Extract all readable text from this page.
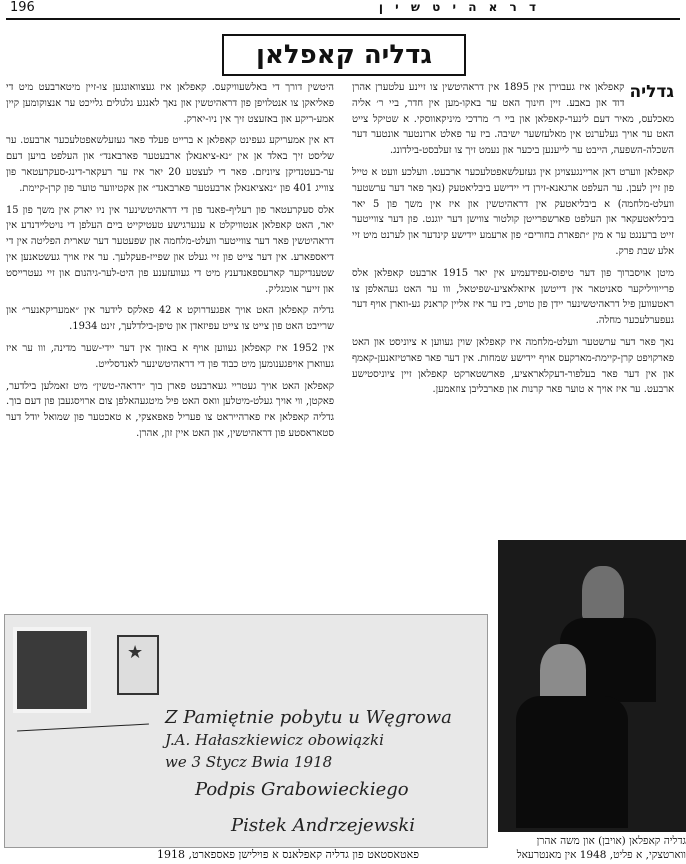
196	ד ר א ה י ט ש י ן
גדליה קאפלאן

גדליה
קאפלאן איז געבוירן אין 1895 אין דראהיטשין צו זיינע עלטערן אהרן דוד און באבע. זיין חינוך האט ער באקו-מען אין חדר, ביי ר׳ אליה מאכלעס, מאיר דעם לינער-קאפלאן און ביי ר׳ מרדכי מיניקאווסקי. א שטיקל צייט האט ער אויך געלערנט אין מאלעזשער ישיבה. ביז ער פאלט ארונטער אונטער דער השכלה-השפעה, הייבט ער לייענען ביכער און נעמט זיך צו זעלבסט-בילדונג.

קאפלאן ווערט דאן אריינגעצויגן אין געזעלשאפטלעכער ארבעט. וועלכע וועט א טייל פון זיין לעבן. ער העלפט ארגאנא-זירן די יידישע ביבליאטעק (נאך פאר דער ערשטער וועלט-מלחמה) א ביבליאטעק אין דראהיטשין און איז אין משך פון 5 יאר ביבליאטעקאר און העלפט פארשפרייטן קולטור צווישן דער יוגנט. פון דער צווייטער זייט ברענגט ער א מין ״תפארת בחורים״ פון ארעמע יידישע קינדער און לערנט מיט זיי אלע שבת פרק.

מיטן אויסברוך פון דער טיפוס-עפידעמיע אין יאר 1915 ארבעט קאפלאן אלס פרייוויליקער סאניטאר אין דייטשן איזאלאציע-שפיטאל, ווו ער האט געהאלפן צו ראטעווען פיל דראהיטשינער יידן פון טויט, ביז ער איז אליין קראנק גע-ווארן אויף דער געפערלעכער מחלה.

נאך פאר דער ערשטער וועלט-מלחמה איז קאפלאן שוין געווען א ציוניסט און האט פארקויפט קרן-קיימת-מארקעס אויף יידישע שמחות. אין דער פאר פארטיזאנען-קאמף און אין דער פאר בעלפור-דעקלאראציע, פארשטארקט קאפלאן זיין ציוניסטישע ארבעט. ער איז אויך א טוער פאר קרנות און פארבליבן צוזאמען.

היטשין דורך די באלשעוויקעס. קאפלאן איז געצוואונגען צו-זיין מיטארבעט מיט די פאליאקן צו אנטלויפן פון דראהיטשין און נאך לאנגע גלגולים גלייכט ער אנצוקומען קיין אמע-ריקע און באזעצט זיך אין ניו-יארק.

דא אין אמעריקע געפינט קאפלאן א ברייט פעלד פאר געזעלשאפטלעכער ארבעט. ער שליסט זיך באלד אן אין ״נא-ציאנאלן ארבעטער פארבאנד״ און העלפט בויען דעם ער-בעטנדיקן ציוניזם. פאר די לעצטע 20 יאר איז ער רעקאר-דינג-סעקרעטאר פון צווייג 401 פון ״נאציאנאלן ארבעטער פארבאנד״ און אקטיווער טוער פון קרן-קיימת.

אלס סעקרעטאר פון רעליף-פאנד פון די דראהיטשינער אין ניו יארק אין משך פון 15 יאר, האט קאפלאן אנטוויקלט א ענערגישע טעטיקייט ביים העלפן די נויטלײדנדע אין דראהיטשין פאר דער צווייטער וועלט-מלחמה און שפעטער דער שארית הפליטה אין די דיאספארע. אין דער צייט פון זיי געלט און שפייז-פעקלעך. ער איז אויך געשטאנען אין שטענדיקער קארעספאנדענץ מיט די געוועזענע פון היט-לער-גיהנום און זיי געטרייסט און זייער אומגליק.

גדליה קאפלאן האט אויך אפגעדרוקט א 42 פאלקס לידער אין ״אמעריקאנער״ און שרייבט האט פון צייט צו צייט עפיזאדן און טיפן-בילדלעך, זינט 1934.

אין 1952 איז קאפלאן געווען אויף א באזוך אין דער יידי-שער מדינה, ווו ער איז געווארן אויפגענומען מיט כבוד פון די דראהיטשינער לאנדסלייט.

קאפלאן האט אויך געטריי געארבעט פארן בוך ״דראהי-טשין״ מיט זאמלען בילדער, פאקטן, ווי אויך געלט-מיטלען וואס האט פיל מיטגעהאלפן צום ארויסגעבן פון דעם בוך. גדליה קאפלאן איז פארהייראט צו פעריל פאפאצקי, א טאכטער פון שמואל יודל דער סטאראסטע פון דראהיטשין, און האט איין זון, אהרן.

★
Z Pamiętnie pobytu u Węgrowa
J.A. Hałaszkiewicz obowiązki
we 3 Stycz Bwia 1918
Podpis Grabowieckiego
Pistek Andrzejewski
פאטאסטאט פון גדליה קאפלאנס א פוילישן פאספארט, 1918
גדליה קאפלאן (אויבן) און משה אהרן ווארטצקי, א פליט, 1948 אין מאנטרעאל
